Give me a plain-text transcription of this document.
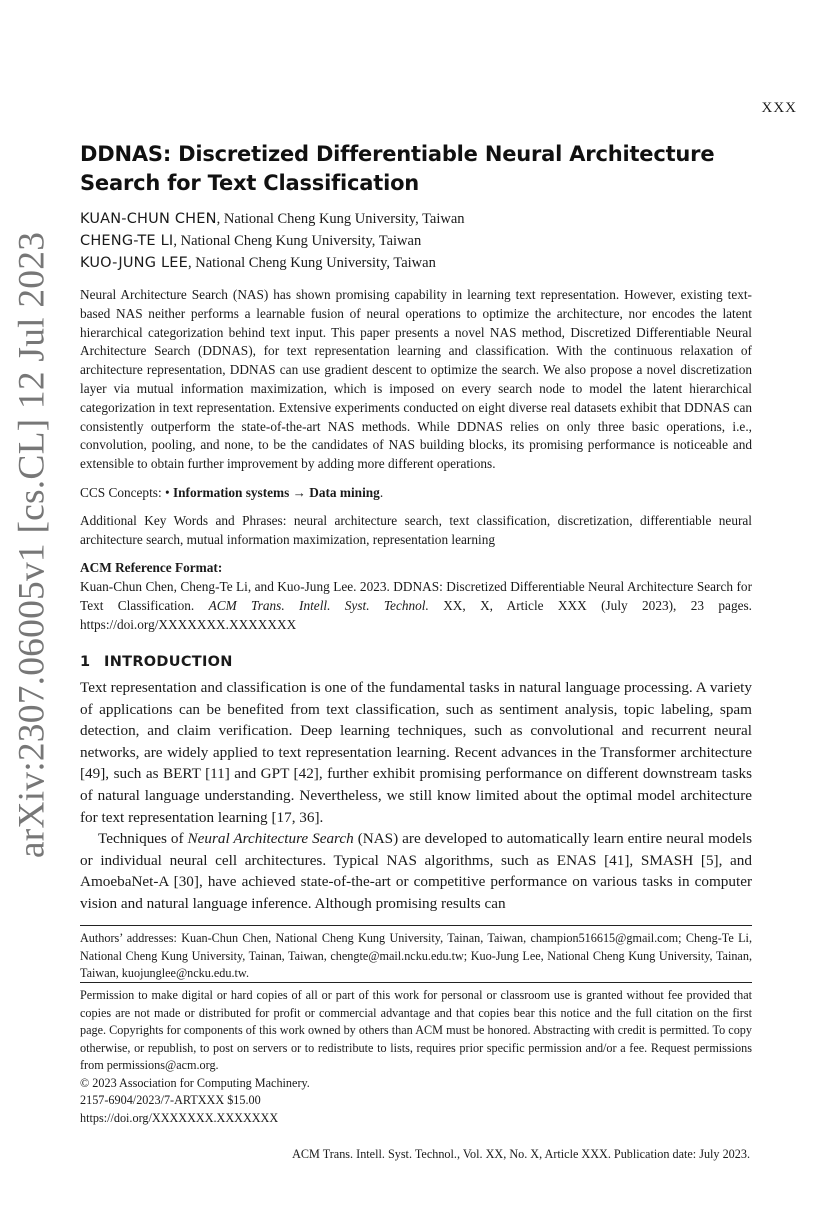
arXiv:2307.06005v1 [cs.CL] 12 Jul 2023
XXX
DDNAS: Discretized Differentiable Neural Architecture Search for Text Classification
KUAN-CHUN CHEN, National Cheng Kung University, Taiwan
CHENG-TE LI, National Cheng Kung University, Taiwan
KUO-JUNG LEE, National Cheng Kung University, Taiwan

Neural Architecture Search (NAS) has shown promising capability in learning text representation. However, existing text-based NAS neither performs a learnable fusion of neural operations to optimize the architecture, nor encodes the latent hierarchical categorization behind text input. This paper presents a novel NAS method, Discretized Differentiable Neural Architecture Search (DDNAS), for text representation learning and classification. With the continuous relaxation of architecture representation, DDNAS can use gradient descent to optimize the search. We also propose a novel discretization layer via mutual information maximization, which is imposed on every search node to model the latent hierarchical categorization in text representation. Extensive experiments conducted on eight diverse real datasets exhibit that DDNAS can consistently outperform the state-of-the-art NAS methods. While DDNAS relies on only three basic operations, i.e., convolution, pooling, and none, to be the candidates of NAS building blocks, its promising performance is noticeable and extensible to obtain further improvement by adding more different operations.

CCS Concepts: • Information systems → Data mining.
Additional Key Words and Phrases: neural architecture search, text classification, discretization, differentiable neural architecture search, mutual information maximization, representation learning
ACM Reference Format:
Kuan-Chun Chen, Cheng-Te Li, and Kuo-Jung Lee. 2023. DDNAS: Discretized Differentiable Neural Architecture Search for Text Classification. ACM Trans. Intell. Syst. Technol. XX, X, Article XXX (July 2023), 23 pages. https://doi.org/XXXXXXX.XXXXXXX
1 INTRODUCTION

Text representation and classification is one of the fundamental tasks in natural language processing. A variety of applications can be benefited from text classification, such as sentiment analysis, topic labeling, spam detection, and claim verification. Deep learning techniques, such as convolutional and recurrent neural networks, are widely applied to text representation learning. Recent advances in the Transformer architecture [49], such as BERT [11] and GPT [42], further exhibit promising performance on different downstream tasks of natural language understanding. Nevertheless, we still know limited about the optimal model architecture for text representation learning [17, 36].

Techniques of Neural Architecture Search (NAS) are developed to automatically learn entire neural models or individual neural cell architectures. Typical NAS algorithms, such as ENAS [41], SMASH [5], and AmoebaNet-A [30], have achieved state-of-the-art or competitive performance on various tasks in computer vision and natural language inference. Although promising results can

Authors’ addresses: Kuan-Chun Chen, National Cheng Kung University, Tainan, Taiwan, champion516615@gmail.com; Cheng-Te Li, National Cheng Kung University, Tainan, Taiwan, chengte@mail.ncku.edu.tw; Kuo-Jung Lee, National Cheng Kung University, Tainan, Taiwan, kuojunglee@ncku.edu.tw.
Permission to make digital or hard copies of all or part of this work for personal or classroom use is granted without fee provided that copies are not made or distributed for profit or commercial advantage and that copies bear this notice and the full citation on the first page. Copyrights for components of this work owned by others than ACM must be honored. Abstracting with credit is permitted. To copy otherwise, or republish, to post on servers or to redistribute to lists, requires prior specific permission and/or a fee. Request permissions from permissions@acm.org.
© 2023 Association for Computing Machinery.
2157-6904/2023/7-ARTXXX $15.00
https://doi.org/XXXXXXX.XXXXXXX
ACM Trans. Intell. Syst. Technol., Vol. XX, No. X, Article XXX. Publication date: July 2023.
